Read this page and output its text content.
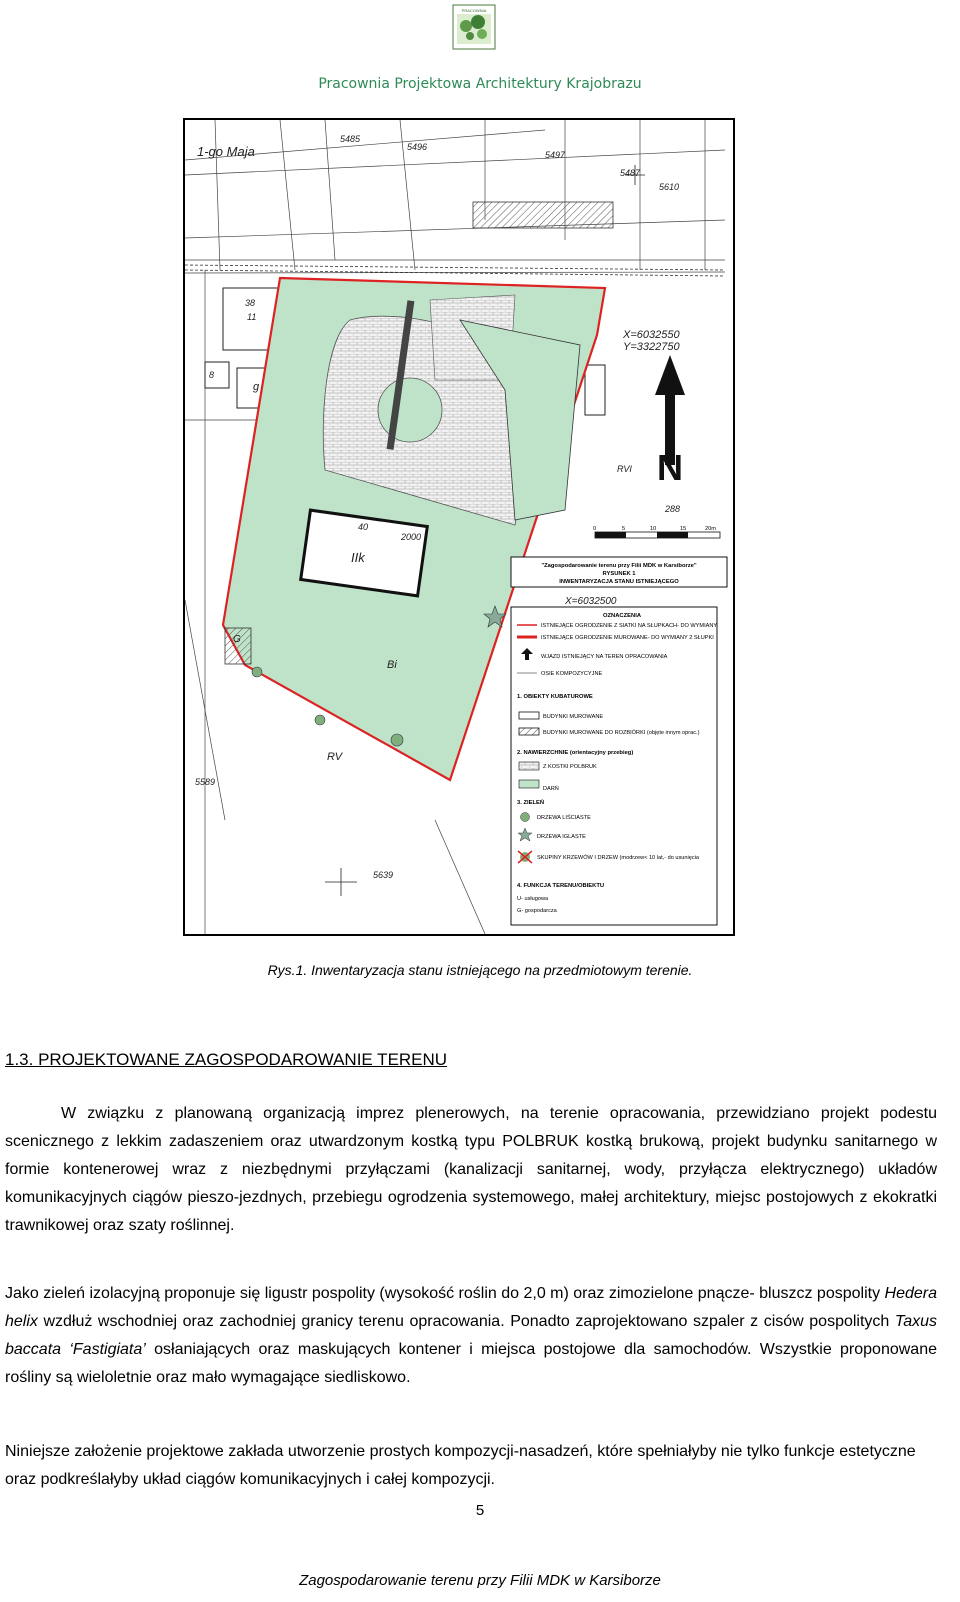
PRACOWNIA
Pracownia Projektowa Architektury Krajobrazu
1-go Maja
5485
5496
5497
5487
5610
38
11
8
g
IIk
Bi
RV
RVI
G
5589
5639
288
40
2000
X=6032550
Y=3322750
N
0	5	10	15	20m
"Zagospodarowanie terenu przy Filii MDK w Karsiborze"
RYSUNEK 1
INWENTARYZACJA STANU ISTNIEJĄCEGO
X=6032500
OZNACZENIA
ISTNIEJĄCE OGRODZENIE Z SIATKI NA SŁUPKACH- DO WYMIANY
ISTNIEJĄCE OGRODZENIE MUROWANE- DO WYMIANY 2 SŁUPKI
WJAZD ISTNIEJĄCY NA TEREN OPRACOWANIA
OSIE KOMPOZYCYJNE
1. OBIEKTY KUBATUROWE
BUDYNKI MUROWANE
BUDYNKI MUROWANE DO ROZBIÓRKI (objęte innym oprac.)
2. NAWIERZCHNIE (orientacyjny przebieg)
Z KOSTKI POLBRUK
DARŃ
3. ZIELEŃ
DRZEWA LIŚCIASTE
DRZEWA IGLASTE
SKUPINY KRZEWÓW I DRZEW (modrzew< 10 lat,- do usunięcia
4. FUNKCJA TERENU/OBIEKTU
U- usługowa
G- gospodarcza
Rys.1. Inwentaryzacja stanu istniejącego na przedmiotowym terenie.
1.3. PROJEKTOWANE ZAGOSPODAROWANIE TERENU

W związku z planowaną organizacją imprez plenerowych, na terenie opracowania, przewidziano projekt podestu scenicznego z lekkim zadaszeniem oraz utwardzonym kostką typu POLBRUK kostką brukową, projekt budynku sanitarnego w formie kontenerowej wraz z niezbędnymi przyłączami (kanalizacji sanitarnej, wody, przyłącza elektrycznego) układów komunikacyjnych ciągów pieszo-jezdnych, przebiegu ogrodzenia systemowego, małej architektury, miejsc postojowych z ekokratki trawnikowej oraz szaty roślinnej.

Jako zieleń izolacyjną proponuje się ligustr pospolity (wysokość roślin do 2,0 m) oraz zimozielone pnącze- bluszcz pospolity Hedera helix wzdłuż wschodniej oraz zachodniej granicy terenu opracowania. Ponadto zaprojektowano szpaler z cisów pospolitych Taxus baccata ‘Fastigiata’ osłaniających oraz maskujących kontener i miejsca postojowe dla samochodów. Wszystkie proponowane rośliny są wieloletnie oraz mało wymagające siedliskowo.

Niniejsze założenie projektowe zakłada utworzenie prostych kompozycji-nasadzeń, które spełniałyby nie tylko funkcje estetyczne oraz podkreślałyby układ ciągów komunikacyjnych i całej kompozycji.

5
Zagospodarowanie terenu przy Filii MDK w Karsiborze
